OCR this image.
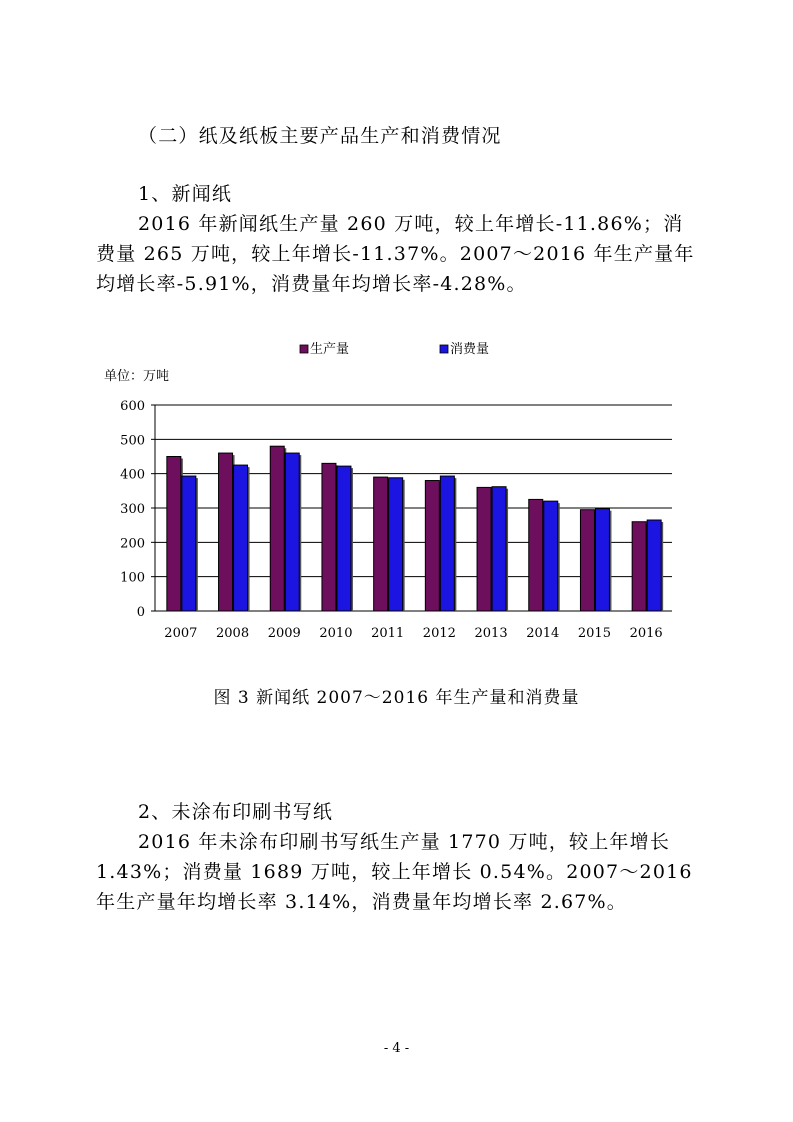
（二）纸及纸板主要产品生产和消费情况
1、新闻纸
2016 年新闻纸生产量 260 万吨，较上年增长-11.86%；消
费量 265 万吨，较上年增长-11.37%。2007～2016 年生产量年
均增长率-5.91%，消费量年均增长率-4.28%。
生产量	消费量
单位：万吨
0
100
200
300
400
500
600
2007 2008 2009 2010 2011 2012 2013 2014 2015 2016
图 3 新闻纸 2007～2016 年生产量和消费量
2、未涂布印刷书写纸
2016 年未涂布印刷书写纸生产量 1770 万吨，较上年增长
1.43%；消费量 1689 万吨，较上年增长 0.54%。2007～2016
年生产量年均增长率 3.14%，消费量年均增长率 2.67%。
- 4 -
